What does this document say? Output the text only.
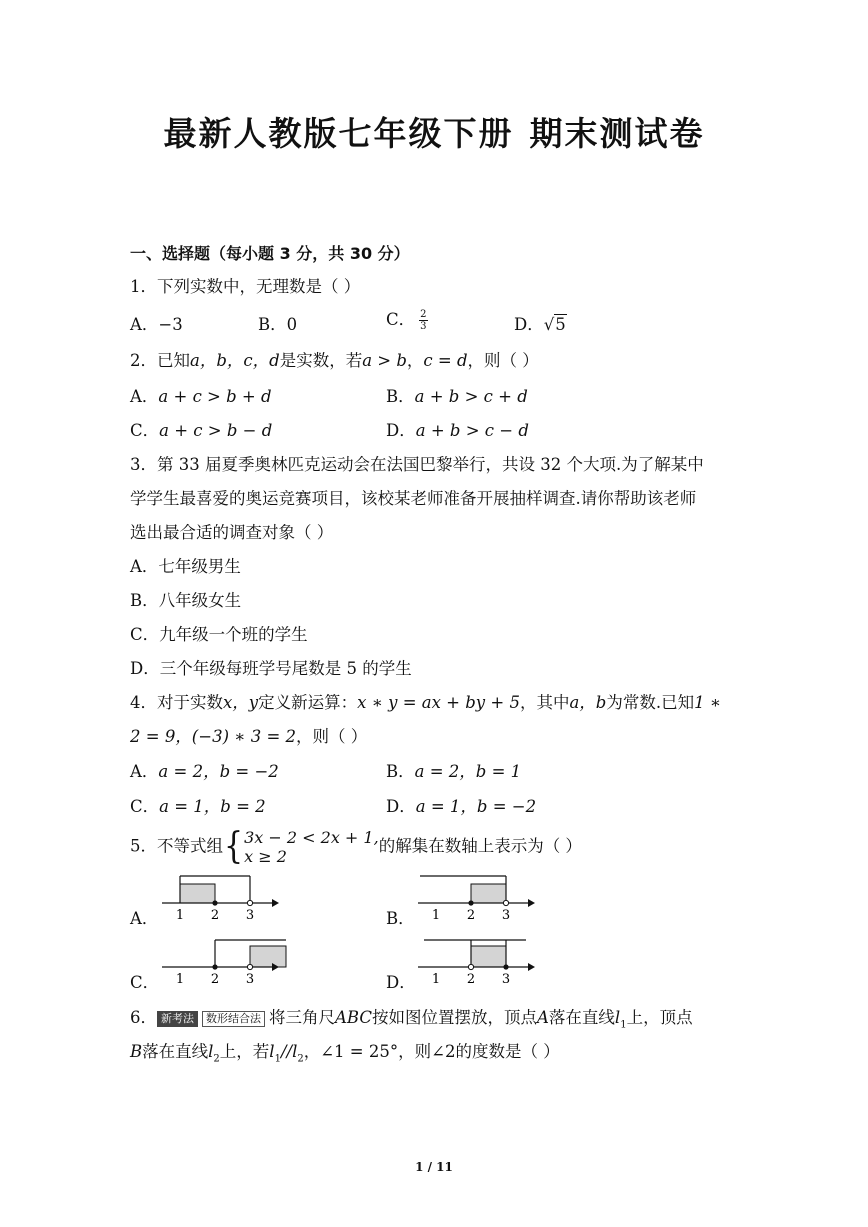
最新人教版七年级下册 期末测试卷
一、选择题（每小题 3 分，共 30 分）
1．下列实数中，无理数是（ ）
A．−3	B．0	C． $\frac{2}{3}$	D．√5
2．已知a，b，c，d是实数，若a > b，c = d，则（ ）
A．a + c > b + d	B．a + b > c + d
C．a + c > b − d	D．a + b > c − d
3．第 33 届夏季奥林匹克运动会在法国巴黎举行，共设 32 个大项.为了解某中
学学生最喜爱的奥运竞赛项目，该校某老师准备开展抽样调查.请你帮助该老师
选出最合适的调查对象（ ）
A．七年级男生
B．八年级女生
C．九年级一个班的学生
D．三个年级每班学号尾数是 5 的学生
4．对于实数x，y定义新运算：x ∗ y = ax + by + 5，其中a，b为常数.已知1 ∗
2 = 9，(−3) ∗ 3 = 2，则（ ）
A．a = 2，b = −2	B．a = 2，b = 1
C．a = 1，b = 2	D．a = 1，b = −2
5．不等式组{ 3x − 2 < 2x + 1,
x ≥ 2
的解集在数轴上表示为（ ）
A．	B．
C．	D．
1 2 3	1 2 3
1 2 3	1 2 3
6． 新考法 数形结合法 将三角尺ABC按如图位置摆放，顶点A落在直线$l_1$上，顶点
B落在直线$l_2$上，若$l_1//l_2$，∠1 = 25°，则∠2的度数是（ ）
1 / 11
